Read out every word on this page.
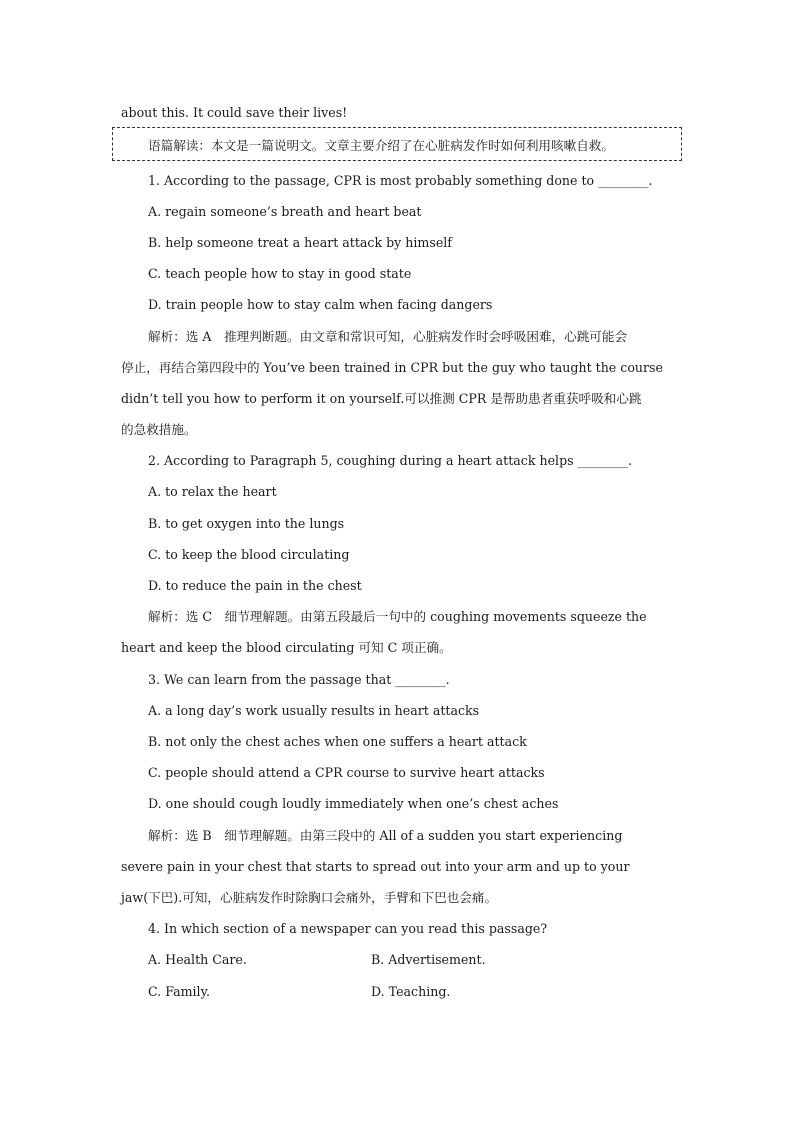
about this. It could save their lives!
语篇解读：本文是一篇说明文。文章主要介绍了在心脏病发作时如何利用咳嗽自救。
1. According to the passage, CPR is most probably something done to ________.
A. regain someone’s breath and heart beat
B. help someone treat a heart attack by himself
C. teach people how to stay in good state
D. train people how to stay calm when facing dangers
解析：选 A　推理判断题。由文章和常识可知，心脏病发作时会呼吸困难，心跳可能会
停止，再结合第四段中的 You’ve been trained in CPR but the guy who taught the course
didn’t tell you how to perform it on yourself.可以推测 CPR 是帮助患者重获呼吸和心跳
的急救措施。
2. According to Paragraph 5, coughing during a heart attack helps ________.
A. to relax the heart
B. to get oxygen into the lungs
C. to keep the blood circulating
D. to reduce the pain in the chest
解析：选 C　细节理解题。由第五段最后一句中的 coughing movements squeeze the
heart and keep the blood circulating 可知 C 项正确。
3. We can learn from the passage that ________.
A. a long day’s work usually results in heart attacks
B. not only the chest aches when one suffers a heart attack
C. people should attend a CPR course to survive heart attacks
D. one should cough loudly immediately when one’s chest aches
解析：选 B　细节理解题。由第三段中的 All of a sudden you start experiencing
severe pain in your chest that starts to spread out into your arm and up to your
jaw(下巴).可知，心脏病发作时除胸口会痛外，手臂和下巴也会痛。
4. In which section of a newspaper can you read this passage?
A. Health Care.	B. Advertisement.
C. Family.	D. Teaching.
